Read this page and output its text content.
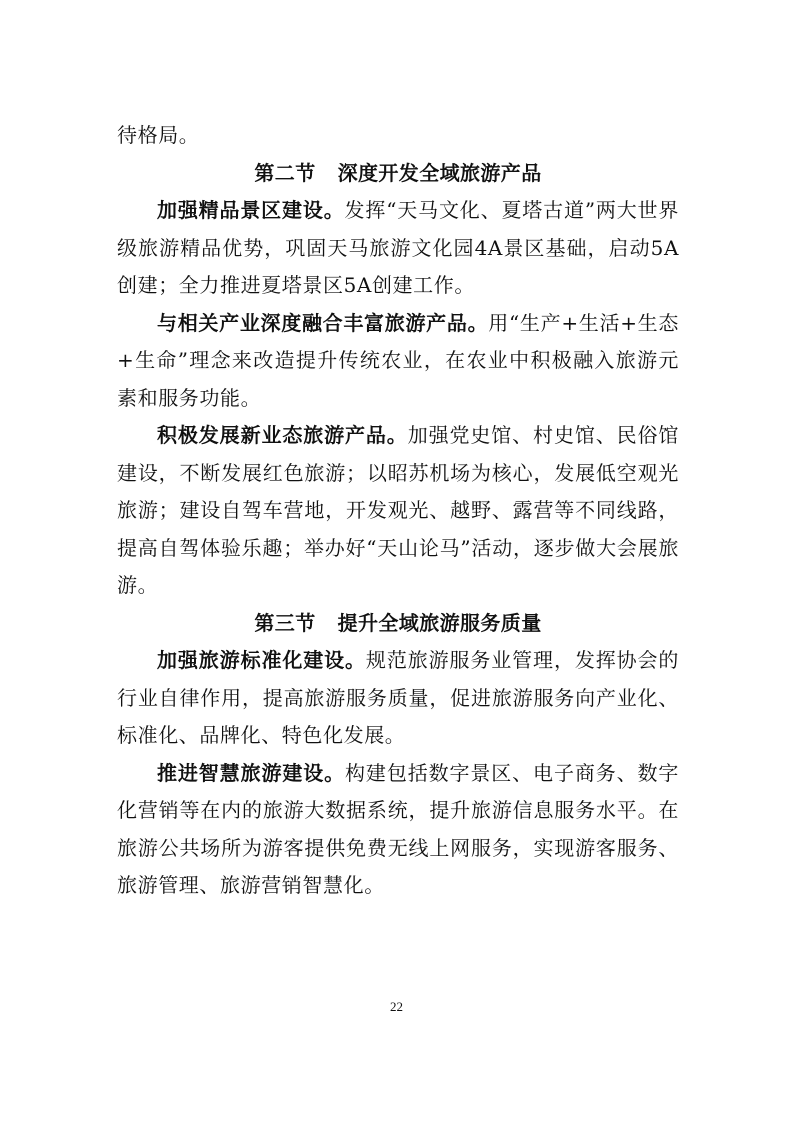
待格局。

第二节 深度开发全域旅游产品

加强精品景区建设。发挥“天马文化、夏塔古道”两大世界级旅游精品优势，巩固天马旅游文化园4A景区基础，启动5A创建；全力推进夏塔景区5A创建工作。

与相关产业深度融合丰富旅游产品。用“生产+生活+生态+生命”理念来改造提升传统农业，在农业中积极融入旅游元素和服务功能。

积极发展新业态旅游产品。加强党史馆、村史馆、民俗馆建设，不断发展红色旅游；以昭苏机场为核心，发展低空观光旅游；建设自驾车营地，开发观光、越野、露营等不同线路，提高自驾体验乐趣；举办好“天山论马”活动，逐步做大会展旅游。

第三节 提升全域旅游服务质量

加强旅游标准化建设。规范旅游服务业管理，发挥协会的行业自律作用，提高旅游服务质量，促进旅游服务向产业化、标准化、品牌化、特色化发展。

推进智慧旅游建设。构建包括数字景区、电子商务、数字化营销等在内的旅游大数据系统，提升旅游信息服务水平。在旅游公共场所为游客提供免费无线上网服务，实现游客服务、旅游管理、旅游营销智慧化。

22
